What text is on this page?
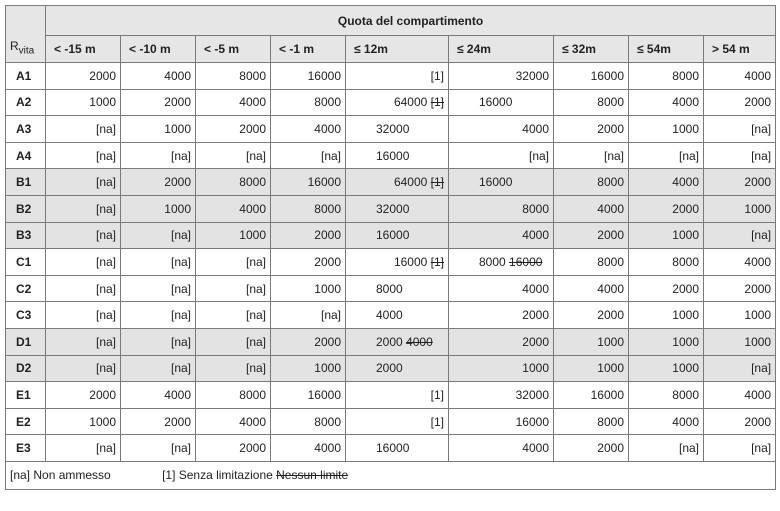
$R_{vita}$	Quota del compartimento								
	< -15 m	< -10 m	< -5 m	< -1 m	≤ 12m	≤ 24m	≤ 32m	≤ 54m	> 54 m
A1	2000	4000	8000	16000	[1]	32000	16000	8000	4000
A2	1000	2000	4000	8000	64000 [1]	16000	8000	4000	2000
A3	[na]	1000	2000	4000	32000	4000	2000	1000	[na]
A4	[na]	[na]	[na]	[na]	16000	[na]	[na]	[na]	[na]
B1	[na]	2000	8000	16000	64000 [1]	16000	8000	4000	2000
B2	[na]	1000	4000	8000	32000	8000	4000	2000	1000
B3	[na]	[na]	1000	2000	16000	4000	2000	1000	[na]
C1	[na]	[na]	[na]	2000	16000 [1]	8000 16000	8000	8000	4000
C2	[na]	[na]	[na]	1000	8000	4000	4000	2000	2000
C3	[na]	[na]	[na]	[na]	4000	2000	2000	1000	1000
D1	[na]	[na]	[na]	2000	2000 4000	2000	1000	1000	1000
D2	[na]	[na]	[na]	1000	2000	1000	1000	1000	[na]
E1	2000	4000	8000	16000	[1]	32000	16000	8000	4000
E2	1000	2000	4000	8000	[1]	16000	8000	4000	2000
E3	[na]	[na]	2000	4000	16000	4000	2000	[na]	[na]
[na] Non ammesso [1] Senza limitazione Nessun limite									
